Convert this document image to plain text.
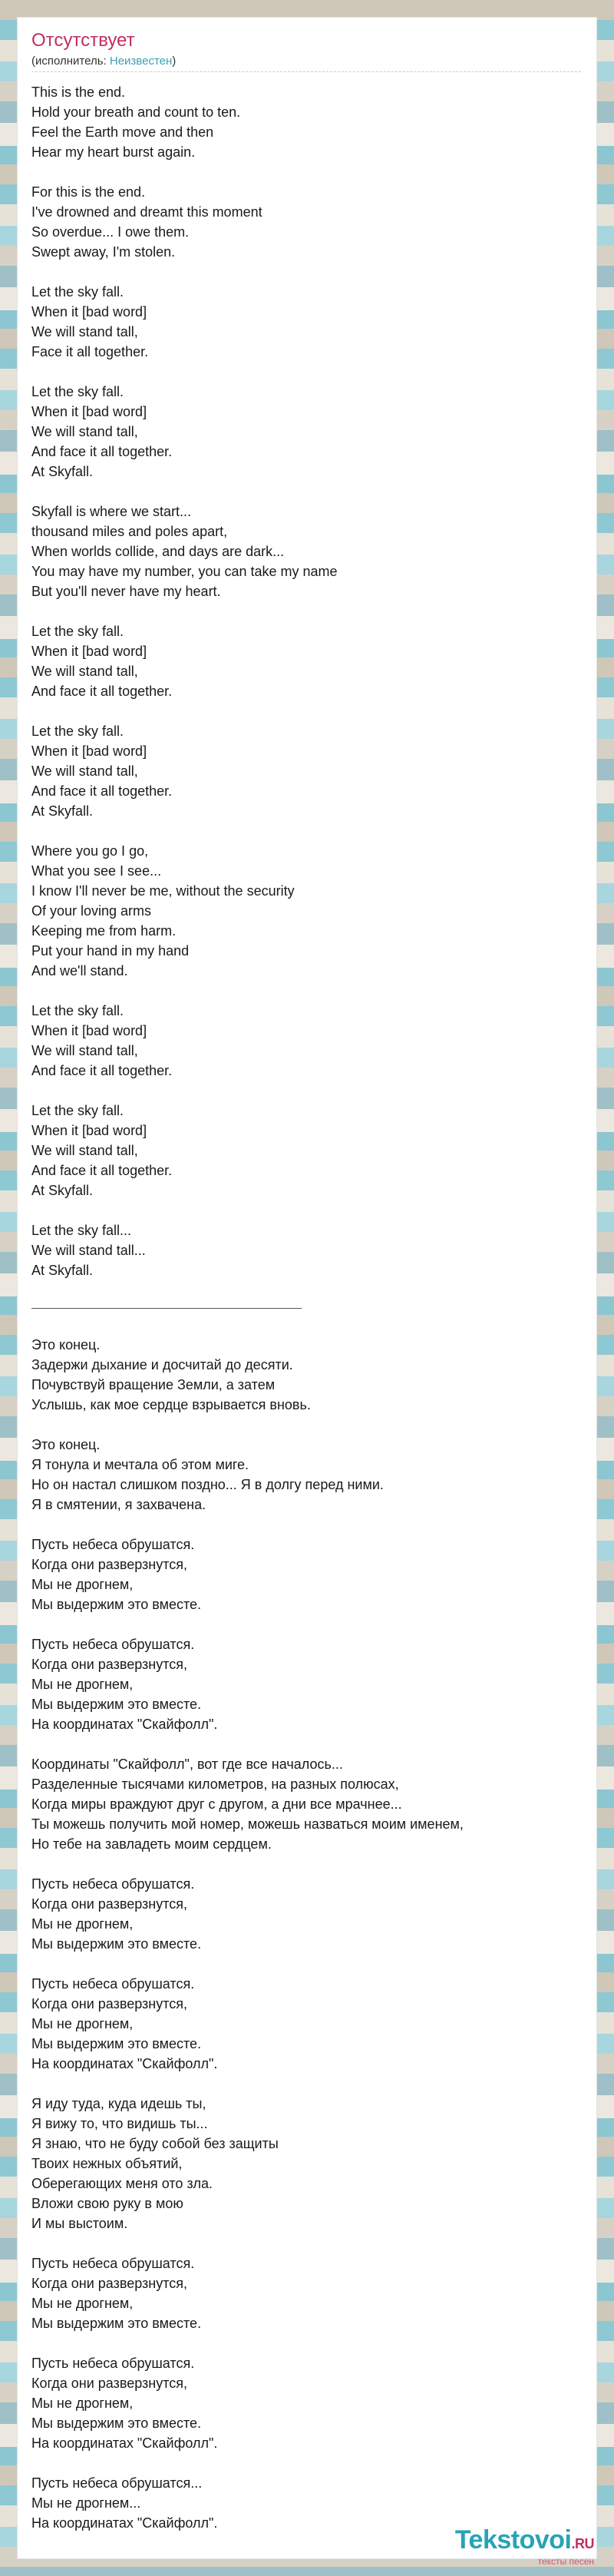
Отсутствует
(исполнитель: Неизвестен)
This is the end.
Hold your breath and count to ten.
Feel the Earth move and then
Hear my heart burst again.
For this is the end.
I've drowned and dreamt this moment
So overdue... I owe them.
Swept away, I'm stolen.
Let the sky fall.
When it [bad word]
We will stand tall,
Face it all together.
Let the sky fall.
When it [bad word]
We will stand tall,
And face it all together.
At Skyfall.
Skyfall is where we start...
thousand miles and poles apart,
When worlds collide, and days are dark...
You may have my number, you can take my name
But you'll never have my heart.
Let the sky fall.
When it [bad word]
We will stand tall,
And face it all together.
Let the sky fall.
When it [bad word]
We will stand tall,
And face it all together.
At Skyfall.
Where you go I go,
What you see I see...
I know I'll never be me, without the security
Of your loving arms
Keeping me from harm.
Put your hand in my hand
And we'll stand.
Let the sky fall.
When it [bad word]
We will stand tall,
And face it all together.
Let the sky fall.
When it [bad word]
We will stand tall,
And face it all together.
At Skyfall.
Let the sky fall...
We will stand tall...
At Skyfall.
Это конец.
Задержи дыхание и досчитай до десяти.
Почувствуй вращение Земли, а затем
Услышь, как мое сердце взрывается вновь.
Это конец.
Я тонула и мечтала об этом миге.
Но он настал слишком поздно... Я в долгу перед ними.
Я в смятении, я захвачена.
Пусть небеса обрушатся.
Когда они разверзнутся,
Мы не дрогнем,
Мы выдержим это вместе.
Пусть небеса обрушатся.
Когда они разверзнутся,
Мы не дрогнем,
Мы выдержим это вместе.
На координатах "Скайфолл".
Координаты "Скайфолл", вот где все началось...
Разделенные тысячами километров, на разных полюсах,
Когда миры враждуют друг с другом, а дни все мрачнее...
Ты можешь получить мой номер, можешь назваться моим именем,
Но тебе на завладеть моим сердцем.
Пусть небеса обрушатся.
Когда они разверзнутся,
Мы не дрогнем,
Мы выдержим это вместе.
Пусть небеса обрушатся.
Когда они разверзнутся,
Мы не дрогнем,
Мы выдержим это вместе.
На координатах "Скайфолл".
Я иду туда, куда идешь ты,
Я вижу то, что видишь ты...
Я знаю, что не буду собой без защиты
Твоих нежных объятий,
Оберегающих меня ото зла.
Вложи свою руку в мою
И мы выстоим.
Пусть небеса обрушатся.
Когда они разверзнутся,
Мы не дрогнем,
Мы выдержим это вместе.
Пусть небеса обрушатся.
Когда они разверзнутся,
Мы не дрогнем,
Мы выдержим это вместе.
На координатах "Скайфолл".
Пусть небеса обрушатся...
Мы не дрогнем...
На координатах "Скайфолл".
Tekstovoi.RU
тексты песен
